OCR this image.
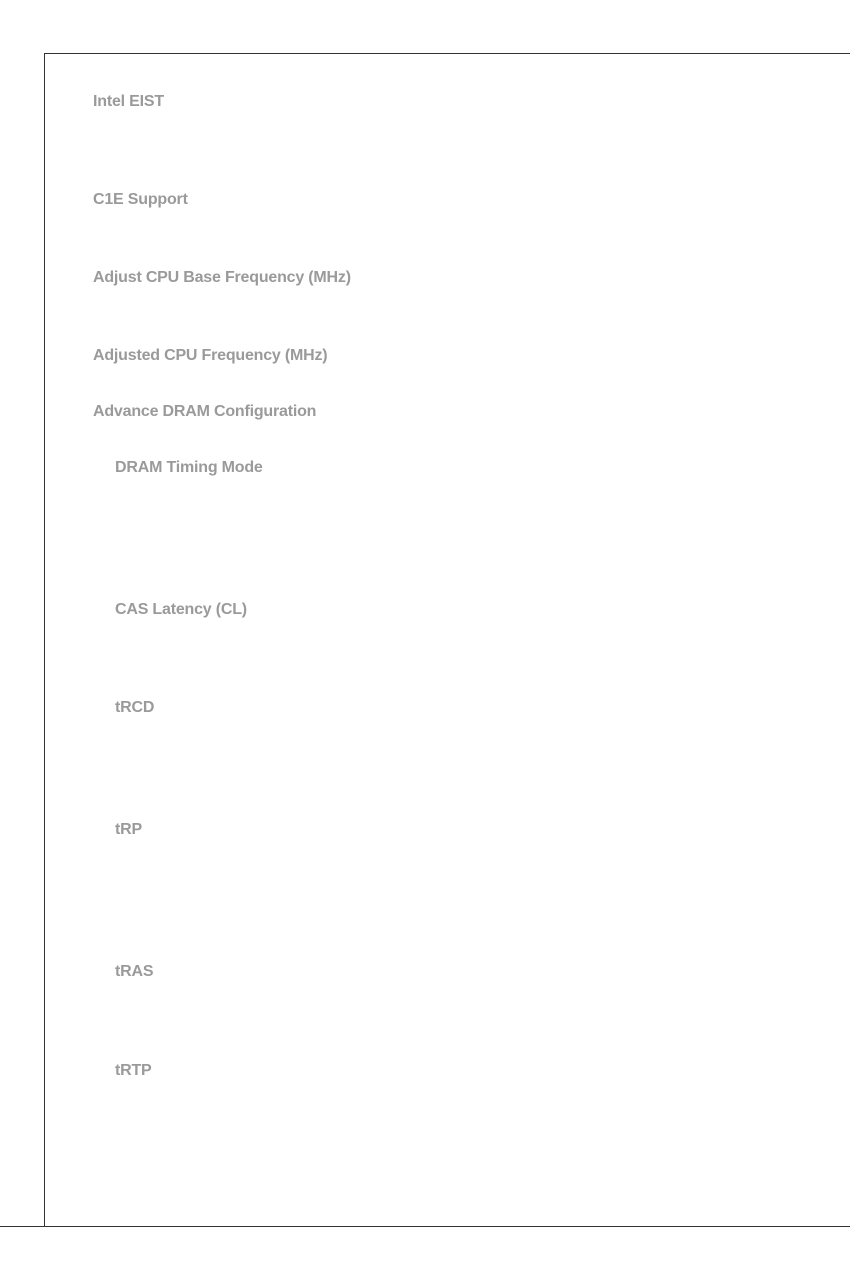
Intel EIST
C1E Support
Adjust CPU Base Frequency (MHz)
Adjusted CPU Frequency (MHz)
Advance DRAM Configuration
DRAM Timing Mode
CAS Latency (CL)
tRCD
tRP
tRAS
tRTP
